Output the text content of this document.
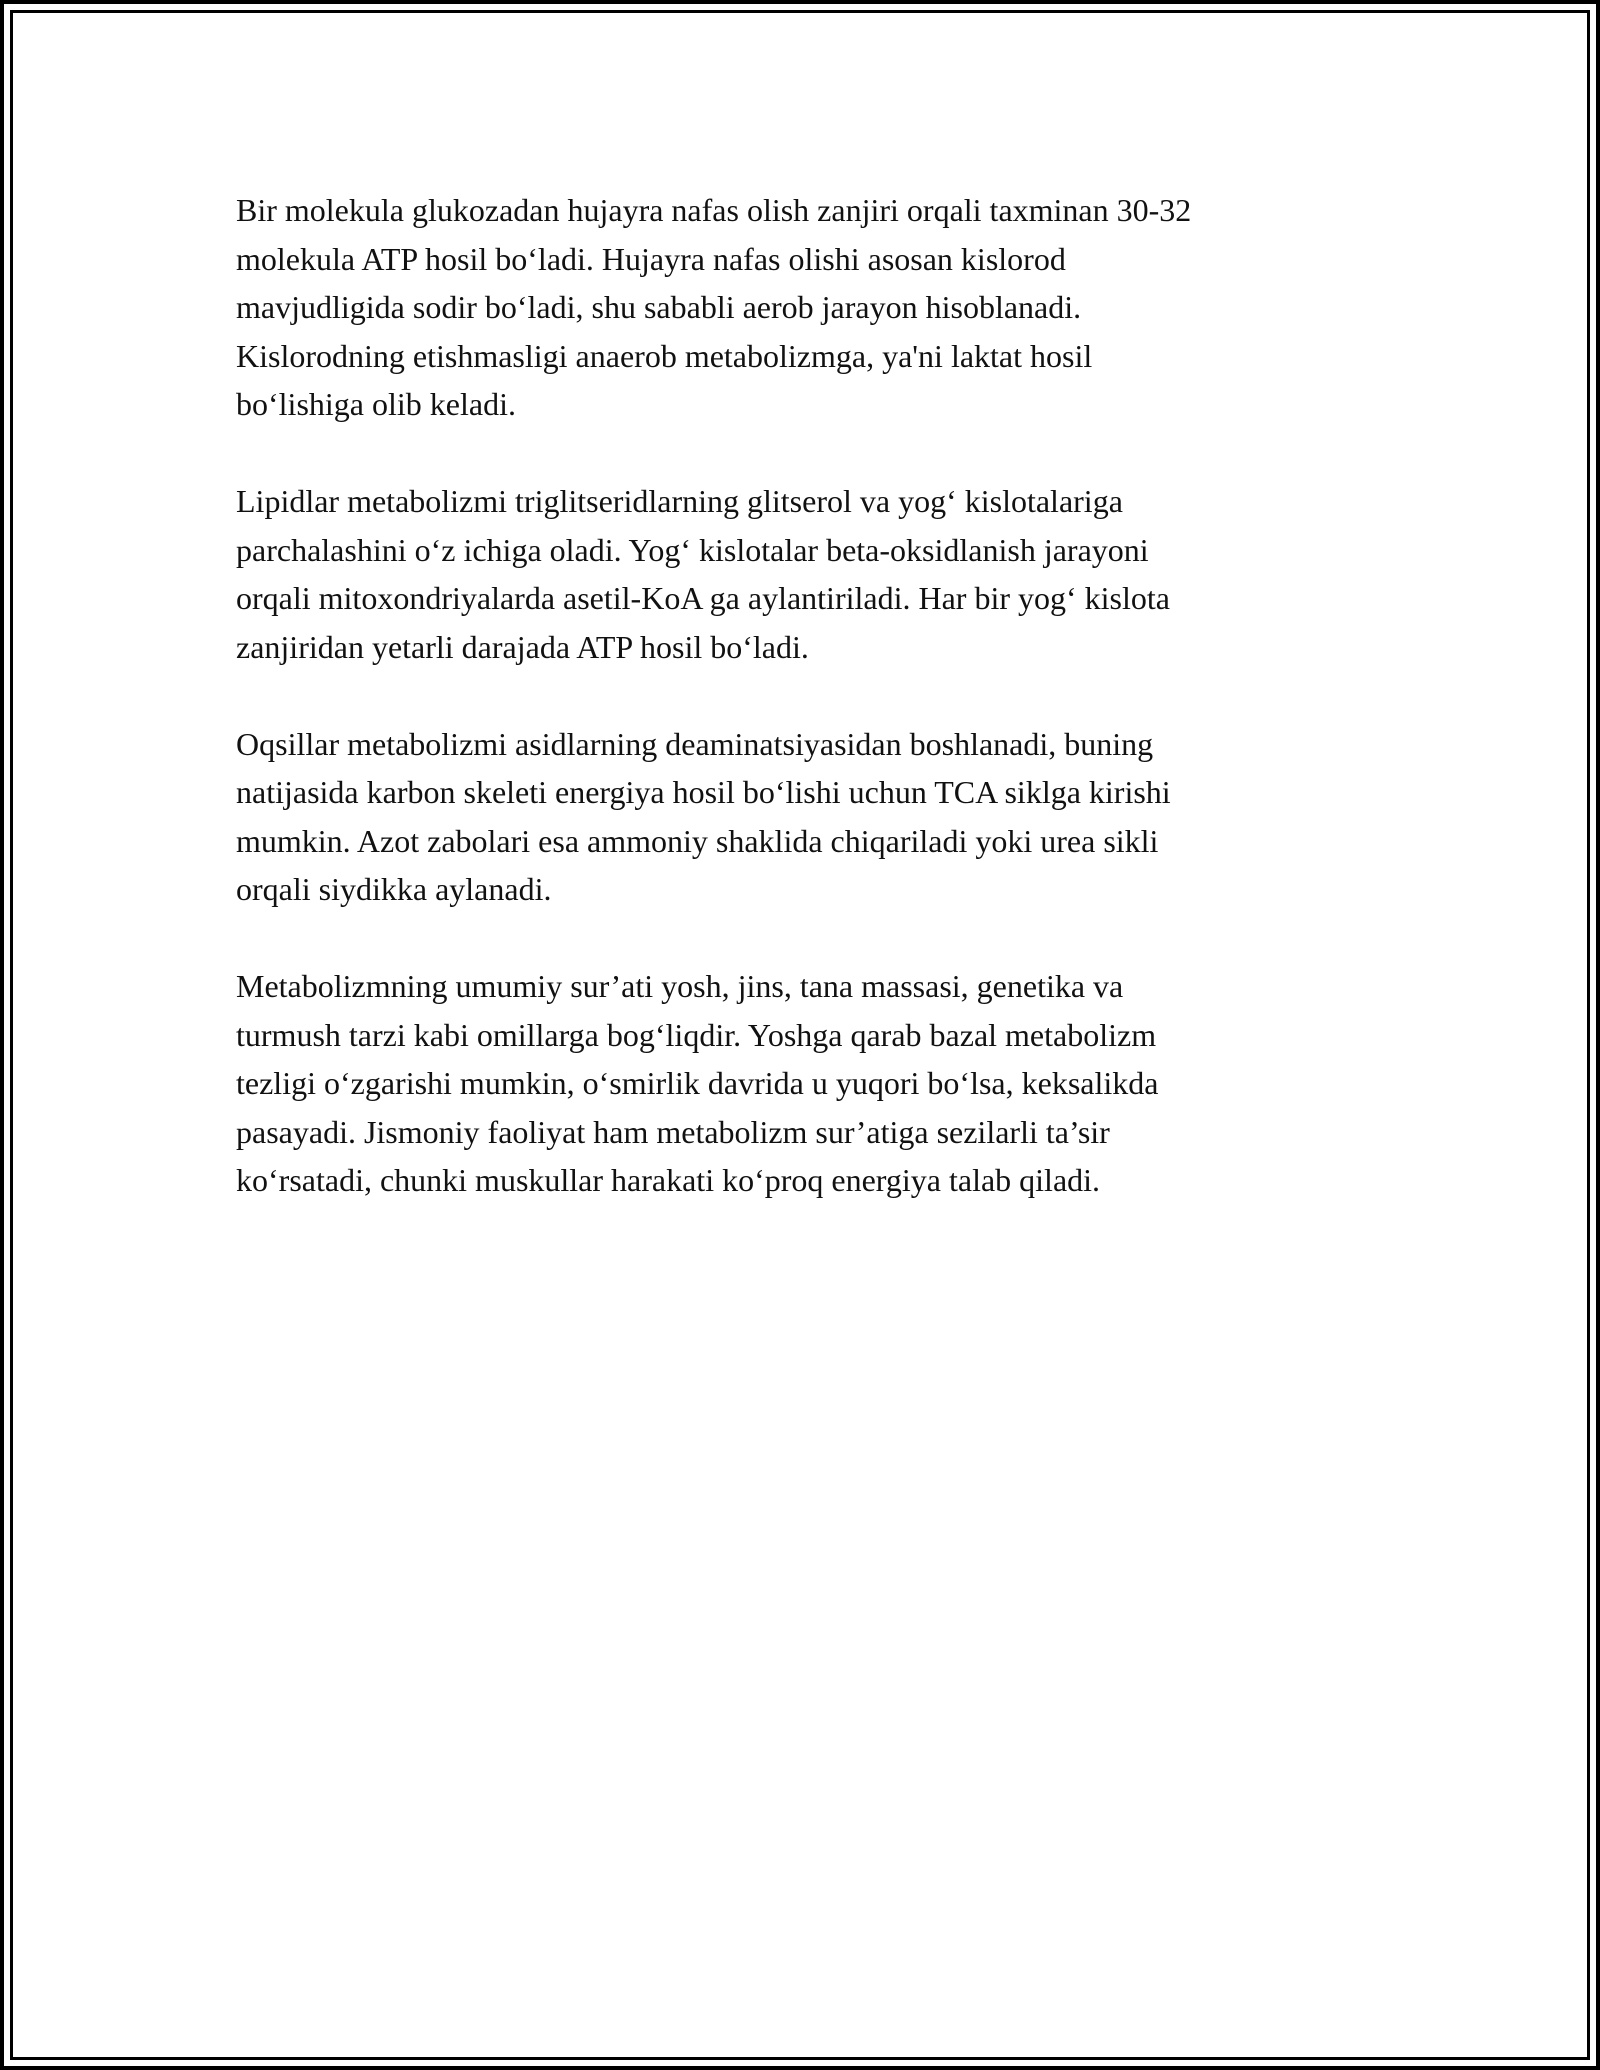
Bir molekula glukozadan hujayra nafas olish zanjiri orqali taxminan 30-32
molekula ATP hosil bo‘ladi. Hujayra nafas olishi asosan kislorod
mavjudligida sodir bo‘ladi, shu sababli aerob jarayon hisoblanadi.
Kislorodning etishmasligi anaerob metabolizmga, ya'ni laktat hosil
bo‘lishiga olib keladi.

Lipidlar metabolizmi triglitseridlarning glitserol va yog‘ kislotalariga
parchalashini o‘z ichiga oladi. Yog‘ kislotalar beta-oksidlanish jarayoni
orqali mitoxondriyalarda asetil-KoA ga aylantiriladi. Har bir yog‘ kislota
zanjiridan yetarli darajada ATP hosil bo‘ladi.

Oqsillar metabolizmi asidlarning deaminatsiyasidan boshlanadi, buning
natijasida karbon skeleti energiya hosil bo‘lishi uchun TCA siklga kirishi
mumkin. Azot zabolari esa ammoniy shaklida chiqariladi yoki urea sikli
orqali siydikka aylanadi.

Metabolizmning umumiy sur’ati yosh, jins, tana massasi, genetika va
turmush tarzi kabi omillarga bog‘liqdir. Yoshga qarab bazal metabolizm
tezligi o‘zgarishi mumkin, o‘smirlik davrida u yuqori bo‘lsa, keksalikda
pasayadi. Jismoniy faoliyat ham metabolizm sur’atiga sezilarli ta’sir
ko‘rsatadi, chunki muskullar harakati ko‘proq energiya talab qiladi.
